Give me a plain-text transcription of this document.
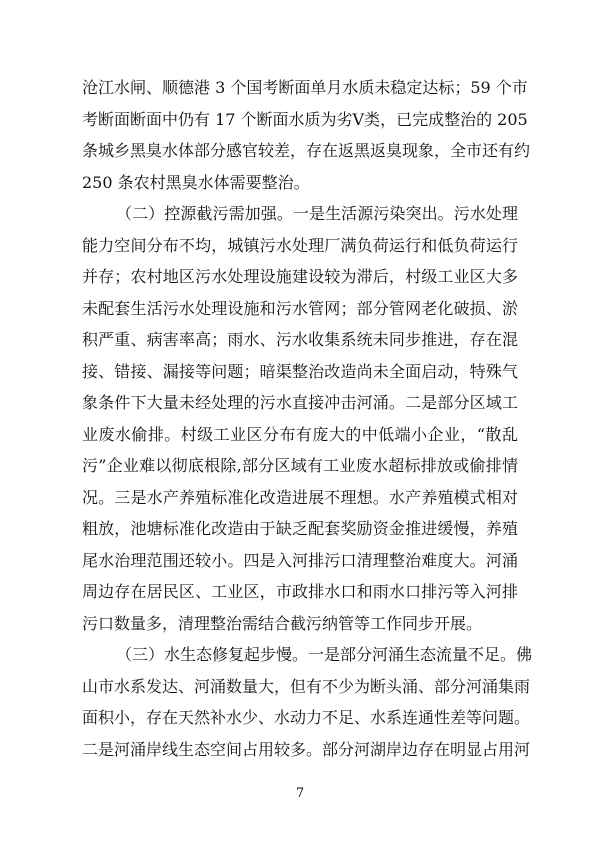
沧江水闸、顺德港 3 个国考断面单月水质未稳定达标；59 个市
考断面断面中仍有 17 个断面水质为劣Ⅴ类，已完成整治的 205
条城乡黑臭水体部分感官较差，存在返黑返臭现象，全市还有约
250 条农村黑臭水体需要整治。
（二）控源截污需加强。一是生活源污染突出。污水处理
能力空间分布不均，城镇污水处理厂满负荷运行和低负荷运行
并存；农村地区污水处理设施建设较为滞后，村级工业区大多
未配套生活污水处理设施和污水管网；部分管网老化破损、淤
积严重、病害率高；雨水、污水收集系统未同步推进，存在混
接、错接、漏接等问题；暗渠整治改造尚未全面启动，特殊气
象条件下大量未经处理的污水直接冲击河涌。二是部分区域工
业废水偷排。村级工业区分布有庞大的中低端小企业，“散乱
污”企业难以彻底根除,部分区域有工业废水超标排放或偷排情
况。三是水产养殖标准化改造进展不理想。水产养殖模式相对
粗放，池塘标准化改造由于缺乏配套奖励资金推进缓慢，养殖
尾水治理范围还较小。四是入河排污口清理整治难度大。河涌
周边存在居民区、工业区，市政排水口和雨水口排污等入河排
污口数量多，清理整治需结合截污纳管等工作同步开展。
（三）水生态修复起步慢。一是部分河涌生态流量不足。佛
山市水系发达、河涌数量大，但有不少为断头涌、部分河涌集雨
面积小，存在天然补水少、水动力不足、水系连通性差等问题。
二是河涌岸线生态空间占用较多。部分河湖岸边存在明显占用河
7
